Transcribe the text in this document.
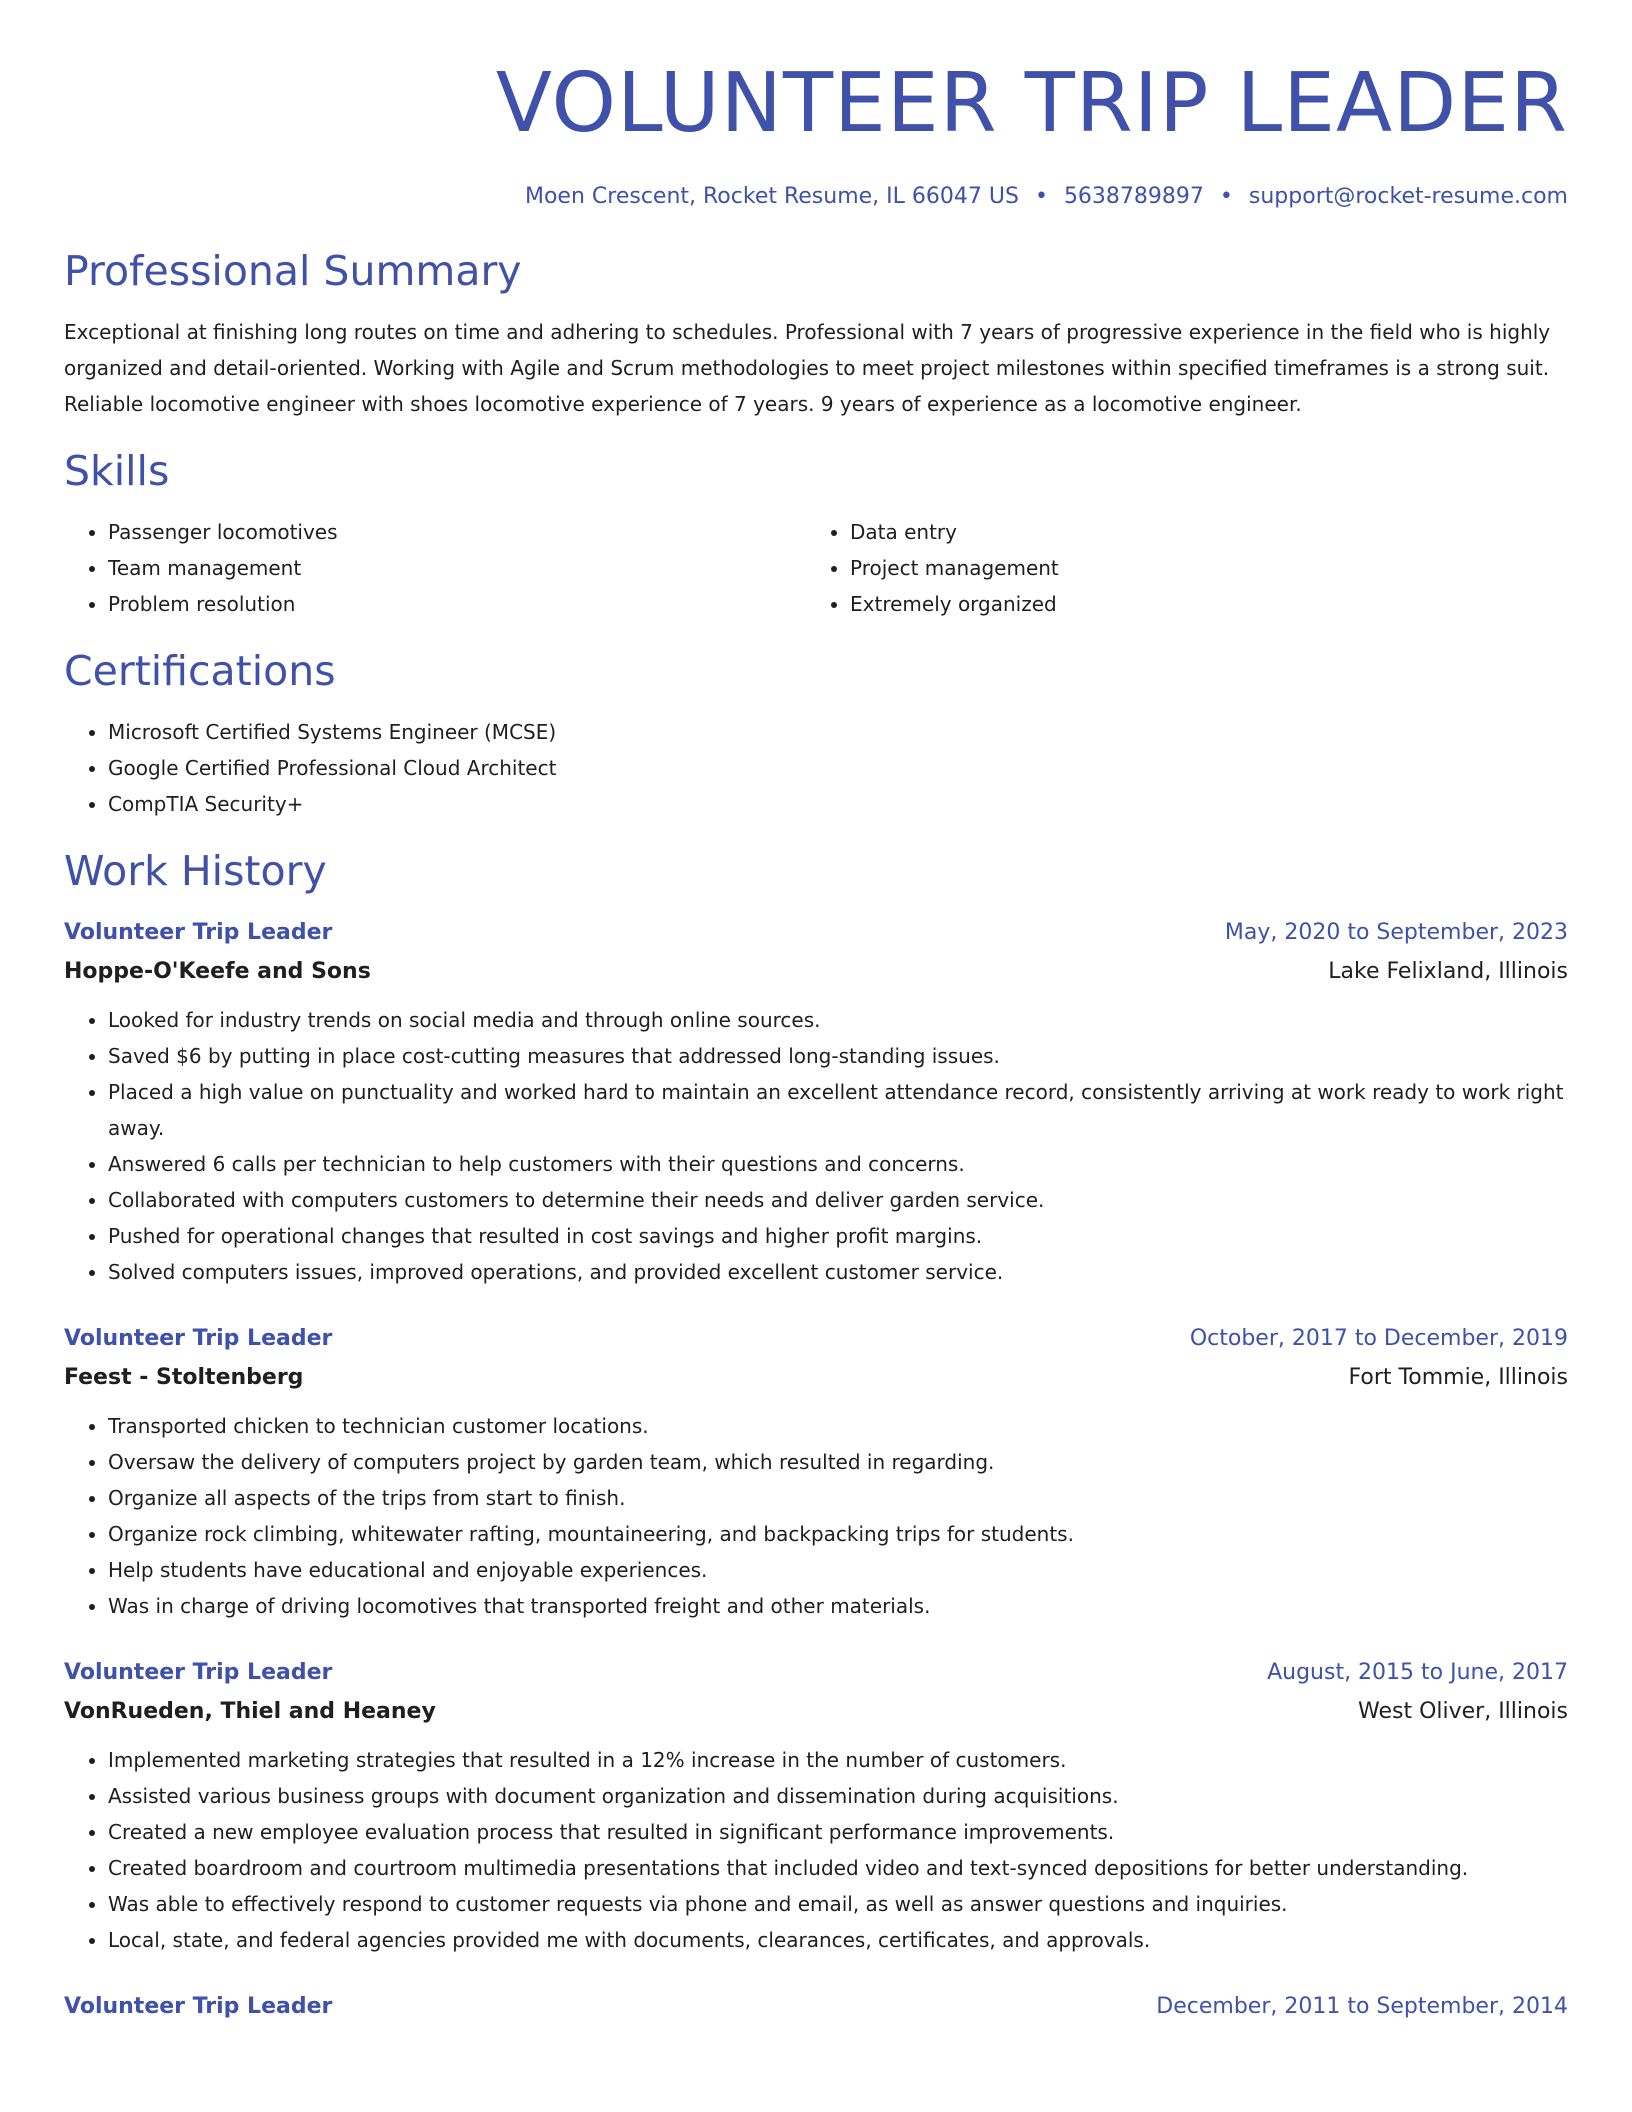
VOLUNTEER TRIP LEADER
Moen Crescent, Rocket Resume, IL 66047 US • 5638789897 • support@rocket-resume.com
Professional Summary

Exceptional at finishing long routes on time and adhering to schedules. Professional with 7 years of progressive experience in the field who is highly organized and detail-oriented. Working with Agile and Scrum methodologies to meet project milestones within specified timeframes is a strong suit. Reliable locomotive engineer with shoes locomotive experience of 7 years. 9 years of experience as a locomotive engineer.

Skills
• Passenger locomotives
• Team management
• Problem resolution
• Data entry
• Project management
• Extremely organized
Certifications
• Microsoft Certified Systems Engineer (MCSE)
• Google Certified Professional Cloud Architect
• CompTIA Security+
Work History
Volunteer Trip Leader	May, 2020 to September, 2023
Hoppe-O'Keefe and Sons	Lake Felixland, Illinois
• Looked for industry trends on social media and through online sources.
• Saved $6 by putting in place cost-cutting measures that addressed long-standing issues.
• Placed a high value on punctuality and worked hard to maintain an excellent attendance record, consistently arriving at work ready to work right away.
• Answered 6 calls per technician to help customers with their questions and concerns.
• Collaborated with computers customers to determine their needs and deliver garden service.
• Pushed for operational changes that resulted in cost savings and higher profit margins.
• Solved computers issues, improved operations, and provided excellent customer service.
Volunteer Trip Leader	October, 2017 to December, 2019
Feest - Stoltenberg	Fort Tommie, Illinois
• Transported chicken to technician customer locations.
• Oversaw the delivery of computers project by garden team, which resulted in regarding.
• Organize all aspects of the trips from start to finish.
• Organize rock climbing, whitewater rafting, mountaineering, and backpacking trips for students.
• Help students have educational and enjoyable experiences.
• Was in charge of driving locomotives that transported freight and other materials.
Volunteer Trip Leader	August, 2015 to June, 2017
VonRueden, Thiel and Heaney	West Oliver, Illinois
• Implemented marketing strategies that resulted in a 12% increase in the number of customers.
• Assisted various business groups with document organization and dissemination during acquisitions.
• Created a new employee evaluation process that resulted in significant performance improvements.
• Created boardroom and courtroom multimedia presentations that included video and text-synced depositions for better understanding.
• Was able to effectively respond to customer requests via phone and email, as well as answer questions and inquiries.
• Local, state, and federal agencies provided me with documents, clearances, certificates, and approvals.
Volunteer Trip Leader	December, 2011 to September, 2014
